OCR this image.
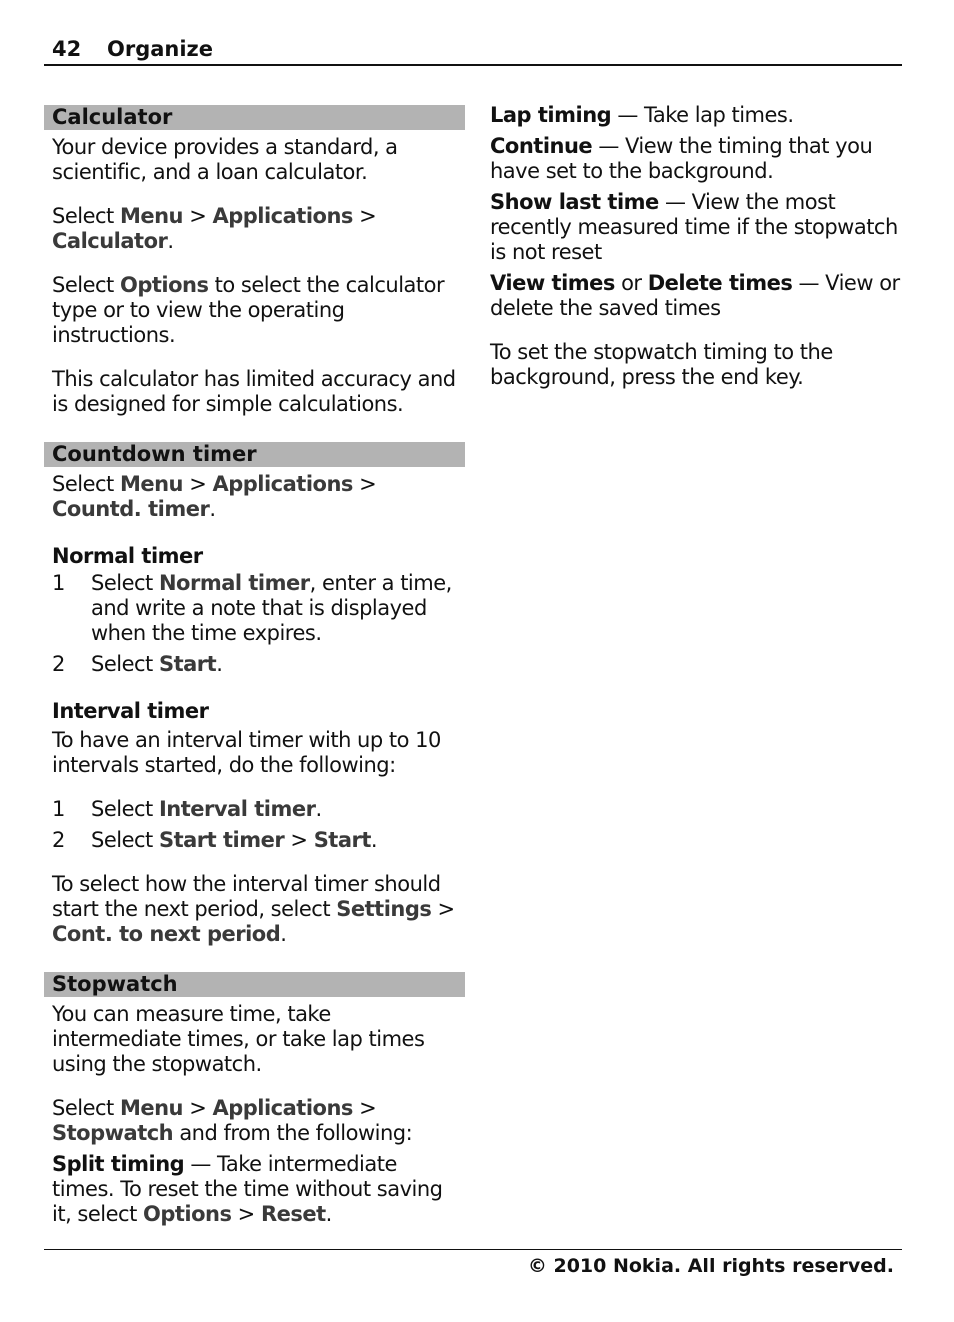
42 Organize
Calculator

Your device provides a standard, a scientific, and a loan calculator.

Select Menu > Applications > Calculator.

Select Options to select the calculator type or to view the operating instructions.

This calculator has limited accuracy and is designed for simple calculations.

Countdown timer

Select Menu > Applications > Countd. timer.

Normal timer
1 Select Normal timer, enter a time, and write a note that is displayed when the time expires.
2 Select Start.
Interval timer

To have an interval timer with up to 10 intervals started, do the following:

1 Select Interval timer.
2 Select Start timer > Start.

To select how the interval timer should start the next period, select Settings > Cont. to next period.

Stopwatch

You can measure time, take intermediate times, or take lap times using the stopwatch.

Select Menu > Applications > Stopwatch and from the following:

Split timing — Take intermediate times. To reset the time without saving it, select Options > Reset.

Lap timing — Take lap times.

Continue — View the timing that you have set to the background.

Show last time — View the most recently measured time if the stopwatch is not reset

View times or Delete times — View or delete the saved times

To set the stopwatch timing to the background, press the end key.

© 2010 Nokia. All rights reserved.
